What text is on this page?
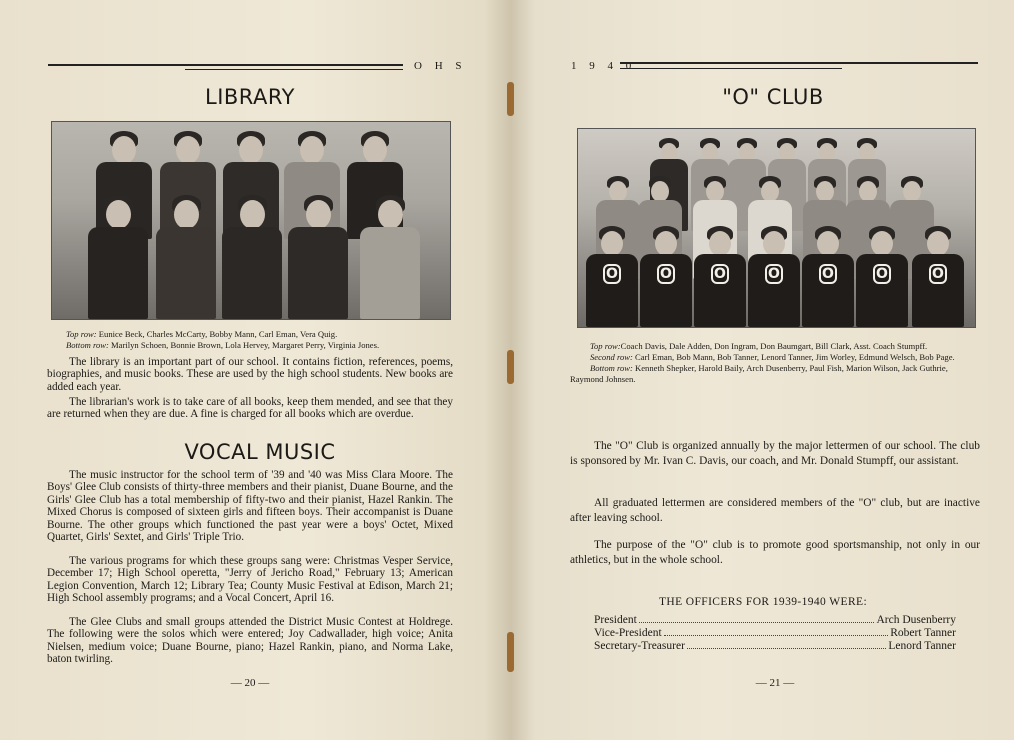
O H S
LIBRARY
Top row: Eunice Beck, Charles McCarty, Bobby Mann, Carl Eman, Vera Quig.
Bottom row: Marilyn Schoen, Bonnie Brown, Lola Hervey, Margaret Perry, Virginia Jones.

The library is an important part of our school. It contains fiction, references, poems, biographies, and music books. These are used by the high school students. New books are added each year.

The librarian's work is to take care of all books, keep them mended, and see that they are returned when they are due. A fine is charged for all books which are overdue.

VOCAL MUSIC

The music instructor for the school term of '39 and '40 was Miss Clara Moore. The Boys' Glee Club consists of thirty-three members and their pianist, Duane Bourne, and the Girls' Glee Club has a total membership of fifty-two and their pianist, Hazel Rankin. The Mixed Chorus is composed of sixteen girls and fifteen boys. Their accompanist is Duane Bourne. The other groups which functioned the past year were a boys' Octet, Mixed Quartet, Girls' Sextet, and Girls' Triple Trio.

The various programs for which these groups sang were: Christmas Vesper Service, December 17; High School operetta, "Jerry of Jericho Road," February 13; American Legion Convention, March 12; Library Tea; County Music Festival at Edison, March 21; High School assembly programs; and a Vocal Concert, April 16.

The Glee Clubs and small groups attended the District Music Contest at Holdrege. The following were the solos which were entered; Joy Cadwallader, high voice; Anita Nielsen, medium voice; Duane Bourne, piano; Hazel Rankin, piano, and Norma Lake, baton twirling.

— 20 —
1 9 4 0
"O" CLUB
O	O	O	O	O	O	O
Top row:Coach Davis, Dale Adden, Don Ingram, Don Baumgart, Bill Clark, Asst. Coach Stumpff.
Second row: Carl Eman, Bob Mann, Bob Tanner, Lenord Tanner, Jim Worley, Edmund Welsch, Bob Page.
Bottom row: Kenneth Shepker, Harold Baily, Arch Dusenberry, Paul Fish, Marion Wilson, Jack Guthrie, Raymond Johnsen.

The "O" Club is organized annually by the major lettermen of our school. The club is sponsored by Mr. Ivan C. Davis, our coach, and Mr. Donald Stumpff, our assistant.

All graduated lettermen are considered members of the "O" club, but are inactive after leaving school.

The purpose of the "O" club is to promote good sportsmanship, not only in our athletics, but in the whole school.

THE OFFICERS FOR 1939-1940 WERE:
— 21 —
President	Arch Dusenberry
Vice-President	Robert Tanner
Secretary-Treasurer	Lenord Tanner
